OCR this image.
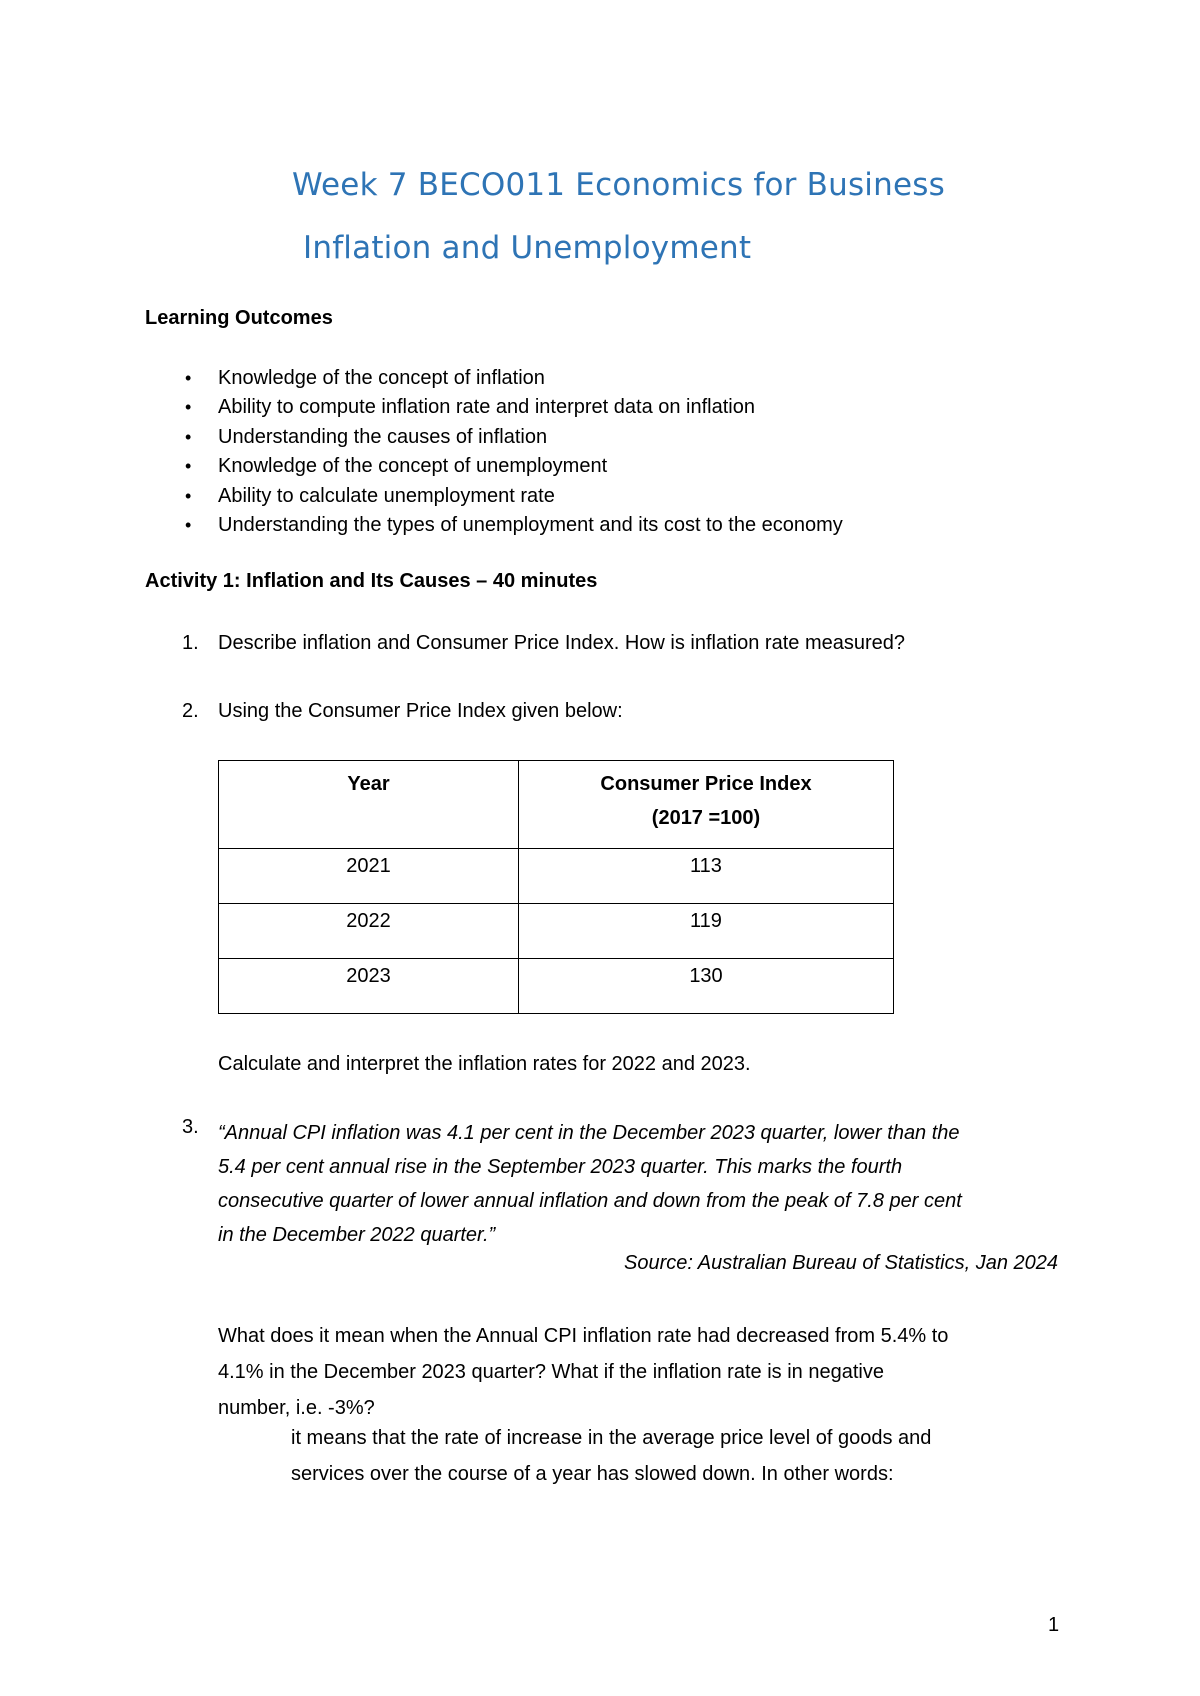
Week 7 BECO011 Economics for Business
Inflation and Unemployment
Learning Outcomes
• Knowledge of the concept of inflation
• Ability to compute inflation rate and interpret data on inflation
• Understanding the causes of inflation
• Knowledge of the concept of unemployment
• Ability to calculate unemployment rate
• Understanding the types of unemployment and its cost to the economy
Activity 1: Inflation and Its Causes – 40 minutes
1. Describe inflation and Consumer Price Index. How is inflation rate measured?
2. Using the Consumer Price Index given below:
Year	Consumer Price Index
(2017 =100)

2021	113
2022	119
2023	130
Calculate and interpret the inflation rates for 2022 and 2023.
3. “Annual CPI inflation was 4.1 per cent in the December 2023 quarter, lower than the
5.4 per cent annual rise in the September 2023 quarter. This marks the fourth
consecutive quarter of lower annual inflation and down from the peak of 7.8 per cent
in the December 2022 quarter.”
Source: Australian Bureau of Statistics, Jan 2024
What does it mean when the Annual CPI inflation rate had decreased from 5.4% to
4.1% in the December 2023 quarter? What if the inflation rate is in negative
number, i.e. -3%?
it means that the rate of increase in the average price level of goods and
services over the course of a year has slowed down. In other words:
1
